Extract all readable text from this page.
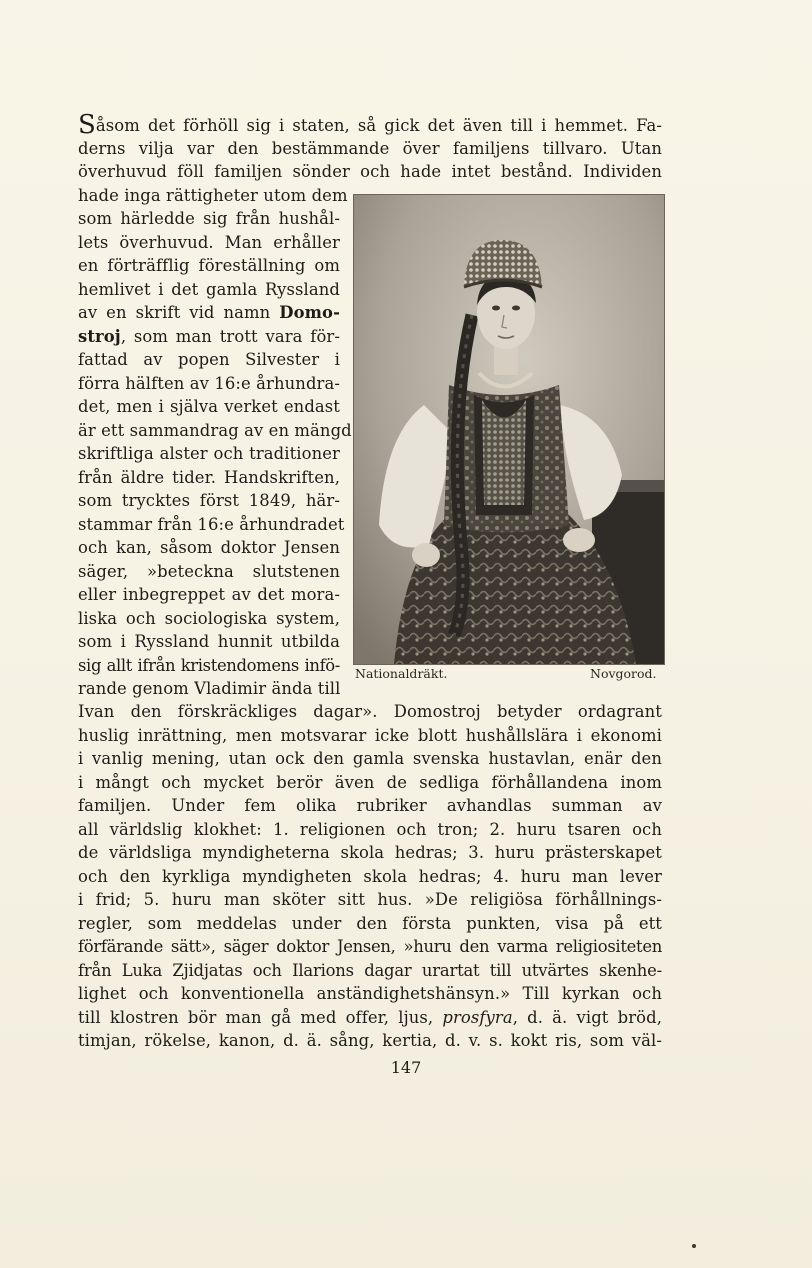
Såsom det förhöll sig i staten, så gick det även till i hemmet. Fa-
derns vilja var den bestämmande över familjens tillvaro. Utan
överhuvud föll familjen sönder och hade intet bestånd. Individen
hade inga rättigheter utom dem
som härledde sig från hushål-
lets överhuvud. Man erhåller
en förträfflig föreställning om
hemlivet i det gamla Ryssland
av en skrift vid namn Domo-
stroj, som man trott vara för-
fattad av popen Silvester i
förra hälften av 16:e århundra-
det, men i själva verket endast
är ett sammandrag av en mängd
skriftliga alster och traditioner
från äldre tider. Handskriften,
som trycktes först 1849, här-
stammar från 16:e århundradet
och kan, såsom doktor Jensen
säger, »beteckna slutstenen
eller inbegreppet av det mora-
liska och sociologiska system,
som i Ryssland hunnit utbilda
sig allt ifrån kristendomens infö-
rande genom Vladimir ända till
Nationaldräkt.	Novgorod.
Ivan den förskräckliges dagar». Domostroj betyder ordagrant
huslig inrättning, men motsvarar icke blott hushållslära i ekonomi
i vanlig mening, utan ock den gamla svenska hustavlan, enär den
i mångt och mycket berör även de sedliga förhållandena inom
familjen. Under fem olika rubriker avhandlas summan av
all världslig klokhet: 1. religionen och tron; 2. huru tsaren och
de världsliga myndigheterna skola hedras; 3. huru prästerskapet
och den kyrkliga myndigheten skola hedras; 4. huru man lever
i frid; 5. huru man sköter sitt hus. »De religiösa förhållnings-
regler, som meddelas under den första punkten, visa på ett
förfärande sätt», säger doktor Jensen, »huru den varma religiositeten
från Luka Zjidjatas och Ilarions dagar urartat till utvärtes skenhe-
lighet och konventionella anständighetshänsyn.» Till kyrkan och
till klostren bör man gå med offer, ljus, prosfyra, d. ä. vigt bröd,
timjan, rökelse, kanon, d. ä. sång, kertia, d. v. s. kokt ris, som väl-
147
